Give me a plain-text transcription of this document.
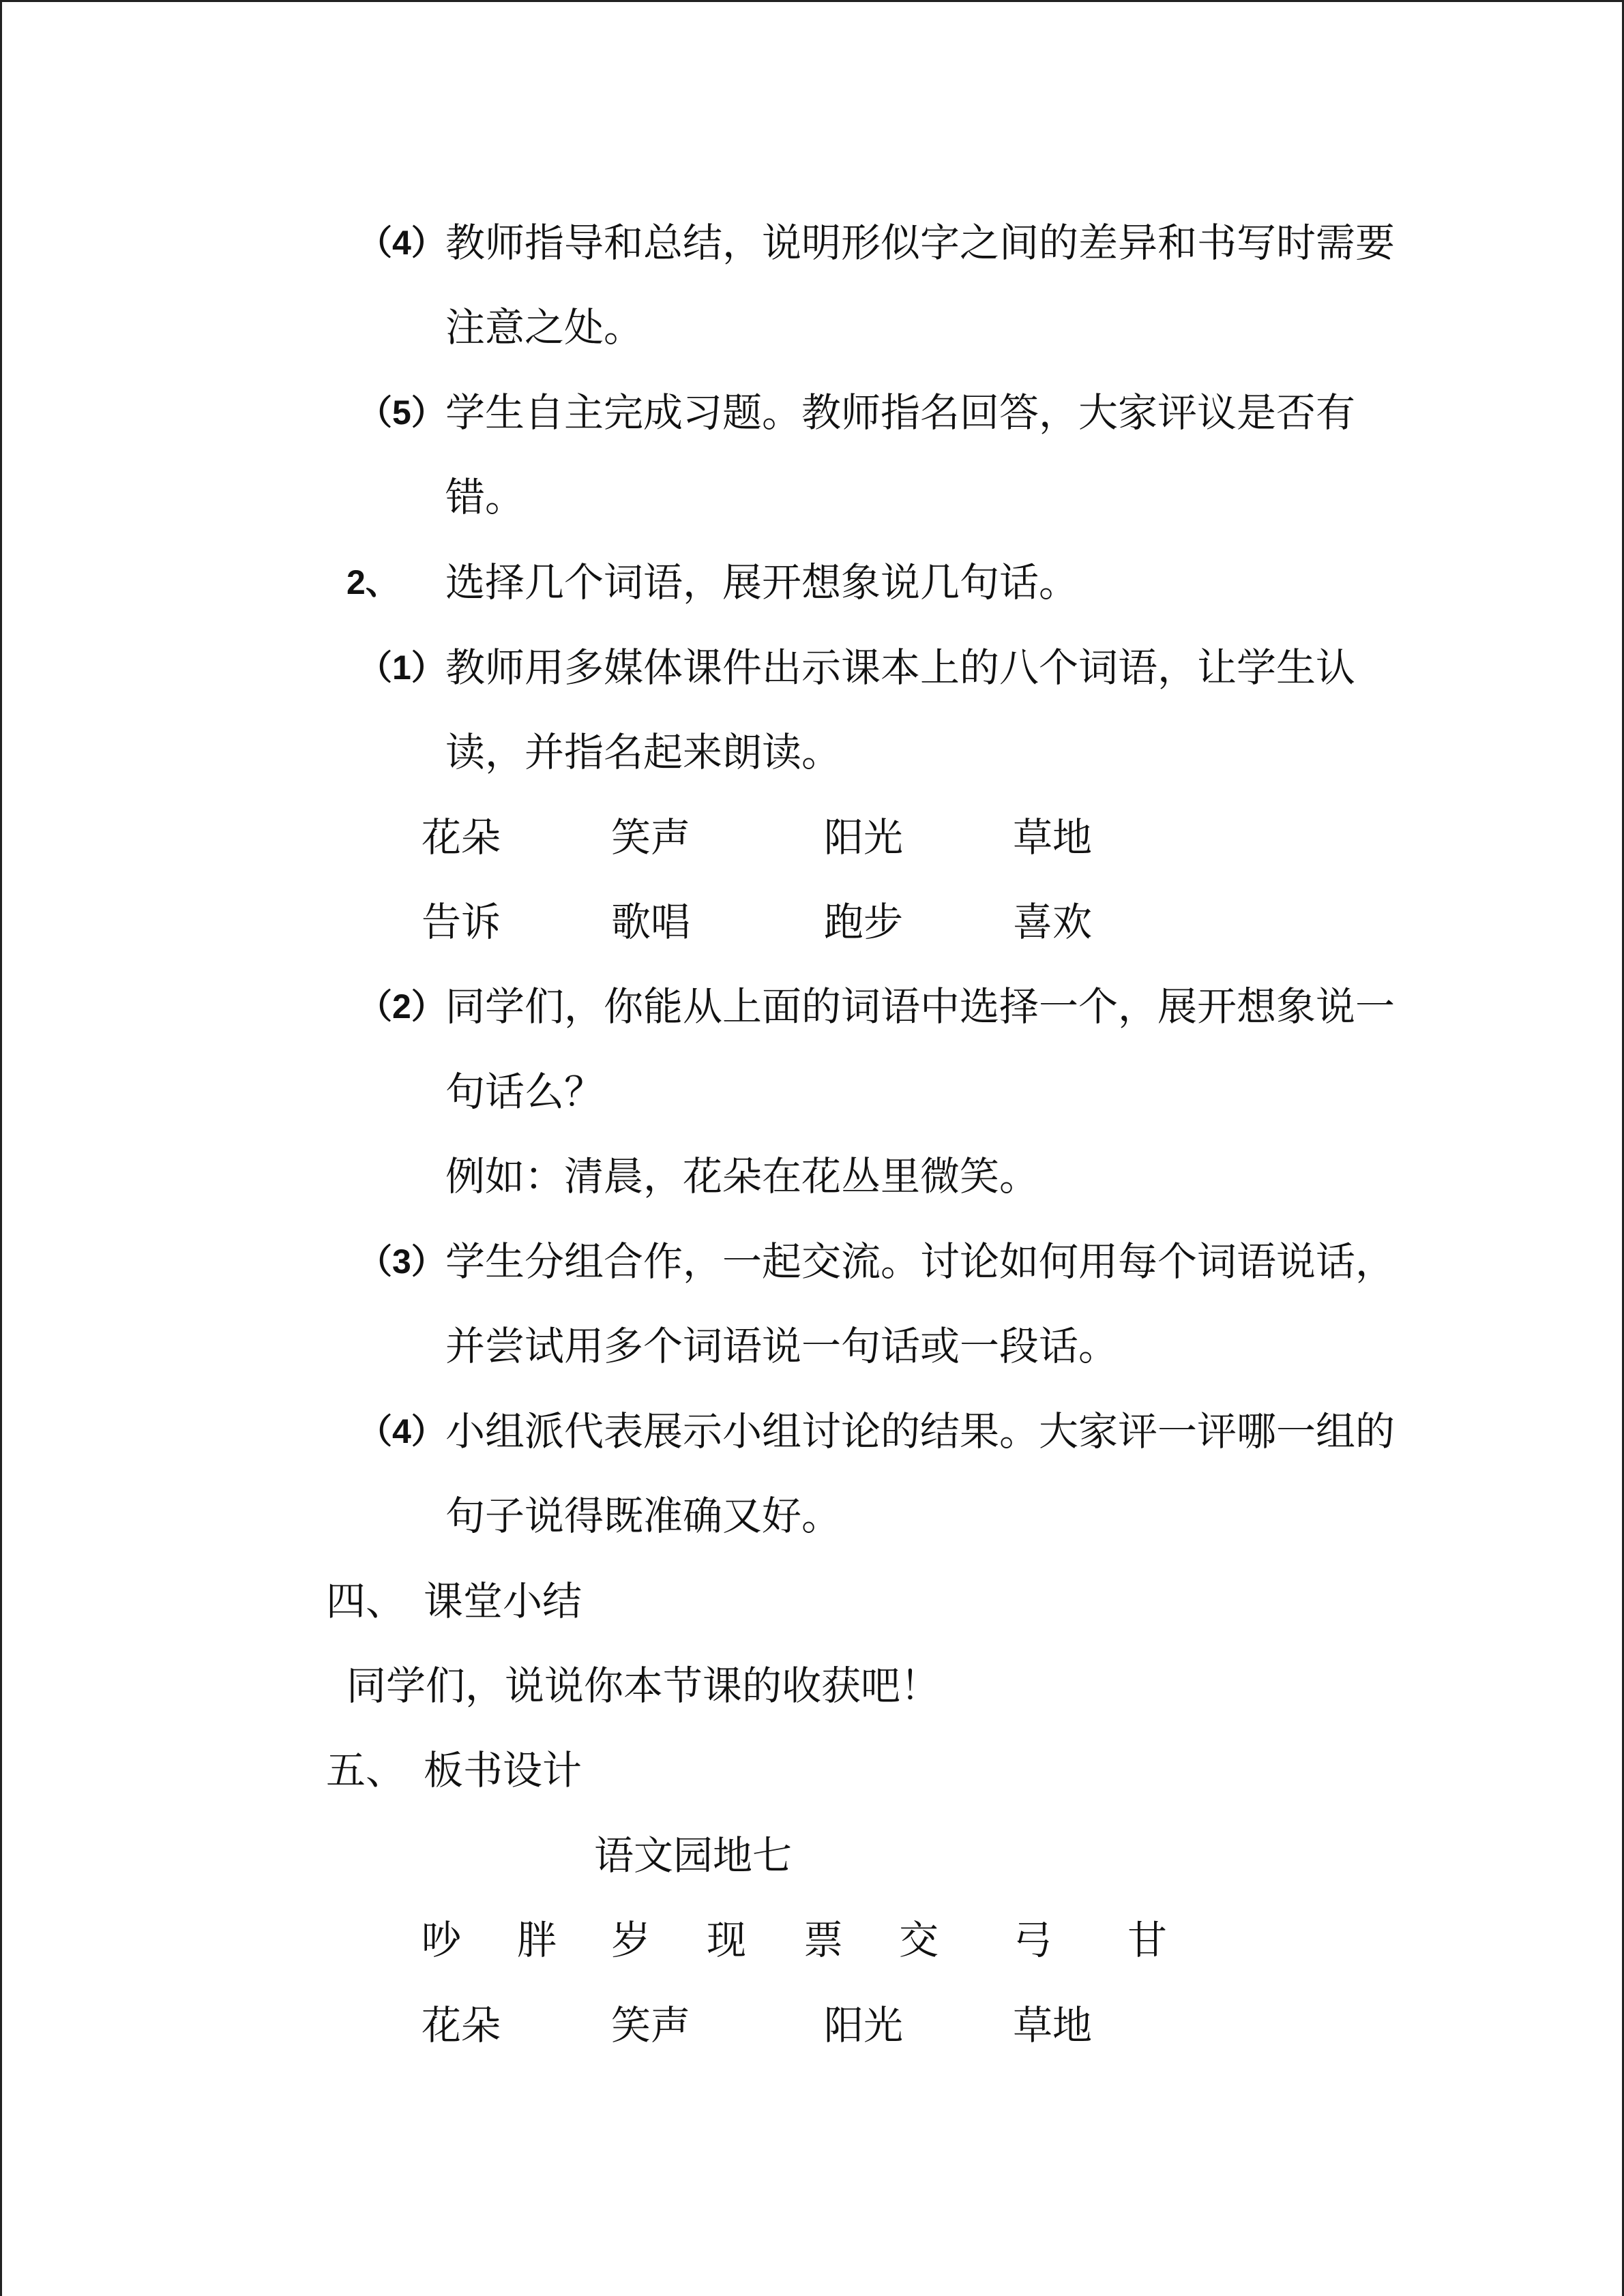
（4） 教师指导和总结，说明形似字之间的差异和书写时需要
注意之处。
（5） 学生自主完成习题。教师指名回答，大家评议是否有
错。
2、 选择几个词语，展开想象说几句话。
（1） 教师用多媒体课件出示课本上的八个词语，让学生认
读，并指名起来朗读。
花朵	笑声	阳光	草地
告诉	歌唱	跑步	喜欢
（2） 同学们，你能从上面的词语中选择一个，展开想象说一
句话么？
例如：清晨，花朵在花丛里微笑。
（3） 学生分组合作，一起交流。讨论如何用每个词语说话，
并尝试用多个词语说一句话或一段话。
（4） 小组派代表展示小组讨论的结果。大家评一评哪一组的
句子说得既准确又好。
四、 课堂小结
同学们，说说你本节课的收获吧！
五、 板书设计
语文园地七
吵 胖 岁 现 票 交 弓 甘
花朵	笑声	阳光	草地
